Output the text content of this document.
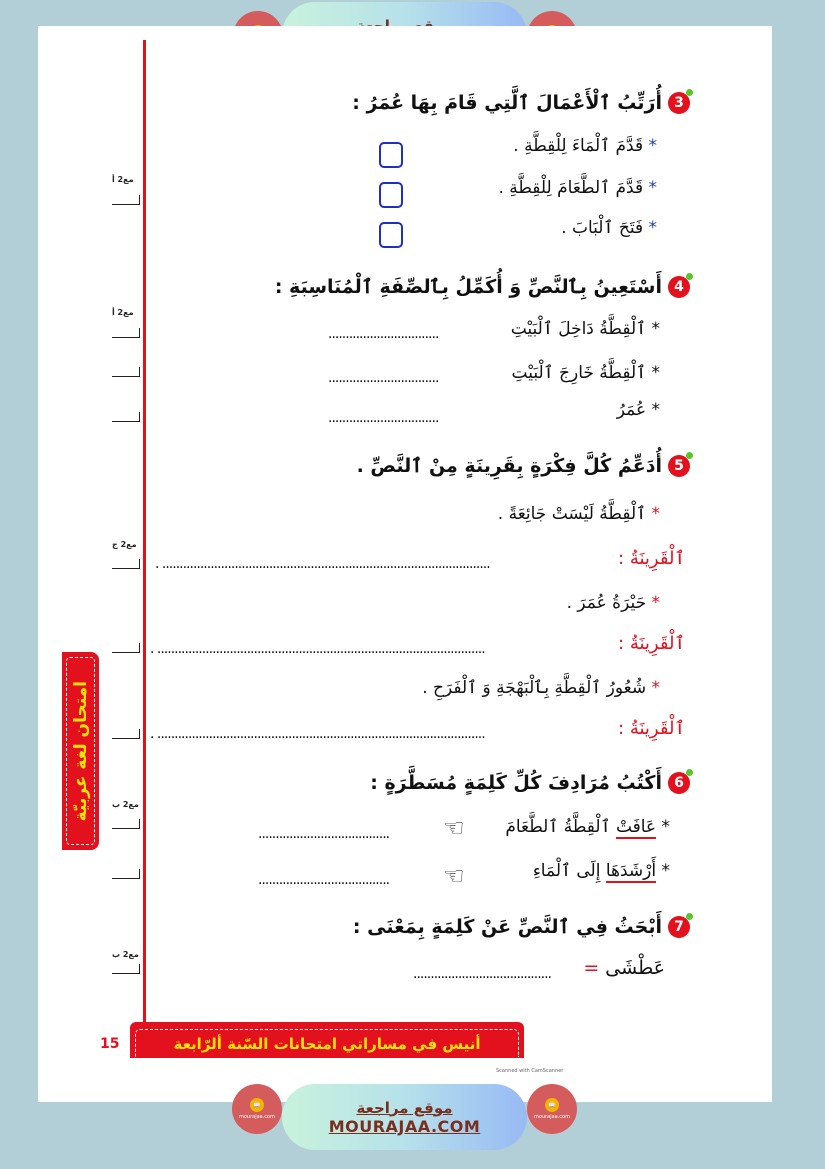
مع2 أ
مع2 أ
مع2 ج
مع2 ب
مع2 ب
امتحان لغة عربيّة
3
أُرَتِّبُ ٱلْأَعْمَالَ ٱلَّتِي قَامَ بِهَا عُمَرُ :
* قَدَّمَ ٱلْمَاءَ لِلْقِطَّةِ .
* قَدَّمَ ٱلطَّعَامَ لِلْقِطَّةِ .
* فَتَحَ ٱلْبَابَ .
4
أَسْتَعِينُ بِٱلنَّصِّ وَ أُكَمِّلُ بِٱلصِّفَةِ ٱلْمُنَاسِبَةِ :
* ٱلْقِطَّةُ دَاخِلَ ٱلْبَيْتِ
................................
* ٱلْقِطَّةُ خَارِجَ ٱلْبَيْتِ
................................
* عُمَرُ
................................
5
أُدَعِّمُ كُلَّ فِكْرَةٍ بِقَرِينَةٍ مِنْ ٱلنَّصِّ .
* ٱلْقِطَّةُ لَيْسَتْ جَائِعَةً .
ٱلْقَرِينَةُ :
. ...............................................................................................
* حَيْرَةُ عُمَرَ .
ٱلْقَرِينَةُ :
. ...............................................................................................
* شُعُورُ ٱلْقِطَّةِ بِٱلْبَهْجَةِ وَ ٱلْفَرَحِ .
ٱلْقَرِينَةُ :
. ...............................................................................................
6
أَكْتُبُ مُرَادِفَ كُلِّ كَلِمَةٍ مُسَطَّرَةٍ :
* عَافَتْ ٱلْقِطَّةُ ٱلطَّعَامَ
☜
......................................
* أَرْشَدَهَا إِلَى ٱلْمَاءِ
☜
......................................
7
أَبْحَثُ فِي ٱلنَّصِّ عَنْ كَلِمَةٍ بِمَعْنَى :
عَطْشَى =
........................................
15	أنيس في مساراتي امتحانات السّنة ألرّابعة
Scanned with CamScanner
📖
mourajaa.com
موقع مراجعة
MOURAJAA.COM
📖
mourajaa.com
